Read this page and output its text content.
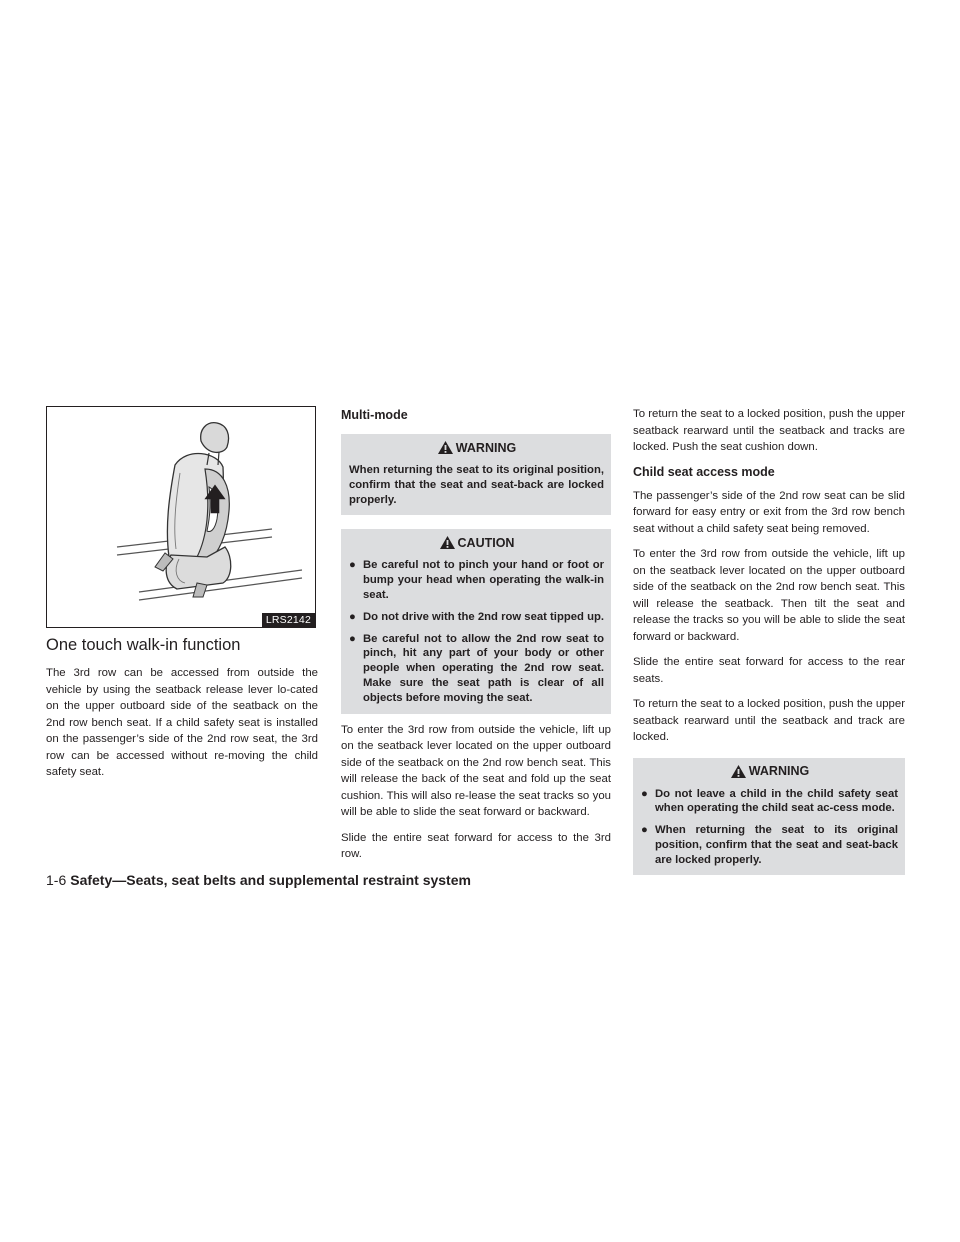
LRS2142
One touch walk-in function

The 3rd row can be accessed from outside the vehicle by using the seatback release lever lo-cated on the upper outboard side of the seatback on the 2nd row bench seat. If a child safety seat is installed on the passenger’s side of the 2nd row seat, the 3rd row can be accessed without re-moving the child safety seat.

Multi-mode
WARNING
When returning the seat to its original position, confirm that the seat and seat-back are locked properly.
CAUTION
● Be careful not to pinch your hand or foot or bump your head when operating the walk-in seat.
● Do not drive with the 2nd row seat tipped up.
● Be careful not to allow the 2nd row seat to pinch, hit any part of your body or other people when operating the 2nd row seat. Make sure the seat path is clear of all objects before moving the seat.

To enter the 3rd row from outside the vehicle, lift up on the seatback lever located on the upper outboard side of the seatback on the 2nd row bench seat. This will release the back of the seat and fold up the seat cushion. This will also re-lease the seat tracks so you will be able to slide the seat forward or backward.

Slide the entire seat forward for access to the 3rd row.

To return the seat to a locked position, push the upper seatback rearward until the seatback and tracks are locked. Push the seat cushion down.

Child seat access mode

The passenger’s side of the 2nd row seat can be slid forward for easy entry or exit from the 3rd row bench seat without a child safety seat being removed.

To enter the 3rd row from outside the vehicle, lift up on the seatback lever located on the upper outboard side of the seatback on the 2nd row bench seat. This will release the seatback. Then tilt the seat and release the tracks so you will be able to slide the seat forward or backward.

Slide the entire seat forward for access to the rear seats.

To return the seat to a locked position, push the upper seatback rearward until the seatback and track are locked.

WARNING
● Do not leave a child in the child safety seat when operating the child seat ac-cess mode.
● When returning the seat to its original position, confirm that the seat and seat-back are locked properly.
1-6 Safety—Seats, seat belts and supplemental restraint system
